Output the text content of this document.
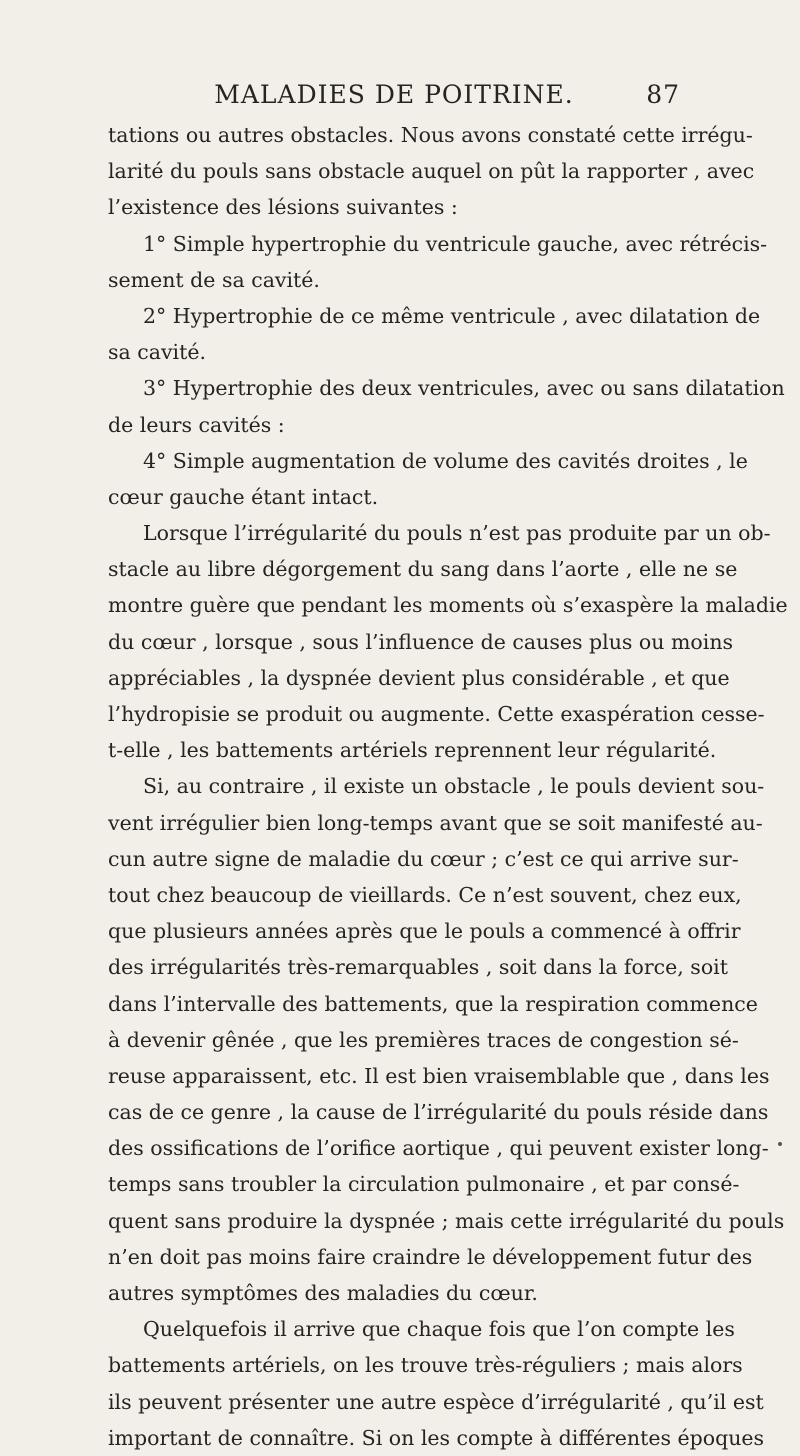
MALADIES DE POITRINE.	87
tations ou autres obstacles. Nous avons constaté cette irrégu-
larité du pouls sans obstacle auquel on pût la rapporter , avec
l’existence des lésions suivantes :
1° Simple hypertrophie du ventricule gauche, avec rétrécis-
sement de sa cavité.
2° Hypertrophie de ce même ventricule , avec dilatation de
sa cavité.
3° Hypertrophie des deux ventricules, avec ou sans dilatation
de leurs cavités :
4° Simple augmentation de volume des cavités droites , le
cœur gauche étant intact.
Lorsque l’irrégularité du pouls n’est pas produite par un ob-
stacle au libre dégorgement du sang dans l’aorte , elle ne se
montre guère que pendant les moments où s’exaspère la maladie
du cœur , lorsque , sous l’influence de causes plus ou moins
appréciables , la dyspnée devient plus considérable , et que
l’hydropisie se produit ou augmente. Cette exaspération cesse-
t-elle , les battements artériels reprennent leur régularité.
Si, au contraire , il existe un obstacle , le pouls devient sou-
vent irrégulier bien long-temps avant que se soit manifesté au-
cun autre signe de maladie du cœur ; c’est ce qui arrive sur-
tout chez beaucoup de vieillards. Ce n’est souvent, chez eux,
que plusieurs années après que le pouls a commencé à offrir
des irrégularités très-remarquables , soit dans la force, soit
dans l’intervalle des battements, que la respiration commence
à devenir gênée , que les premières traces de congestion sé-
reuse apparaissent, etc. Il est bien vraisemblable que , dans les
cas de ce genre , la cause de l’irrégularité du pouls réside dans
des ossifications de l’orifice aortique , qui peuvent exister long-
temps sans troubler la circulation pulmonaire , et par consé-
quent sans produire la dyspnée ; mais cette irrégularité du pouls
n’en doit pas moins faire craindre le développement futur des
autres symptômes des maladies du cœur.
Quelquefois il arrive que chaque fois que l’on compte les
battements artériels, on les trouve très-réguliers ; mais alors
ils peuvent présenter une autre espèce d’irrégularité , qu’il est
important de connaître. Si on les compte à différentes époques
